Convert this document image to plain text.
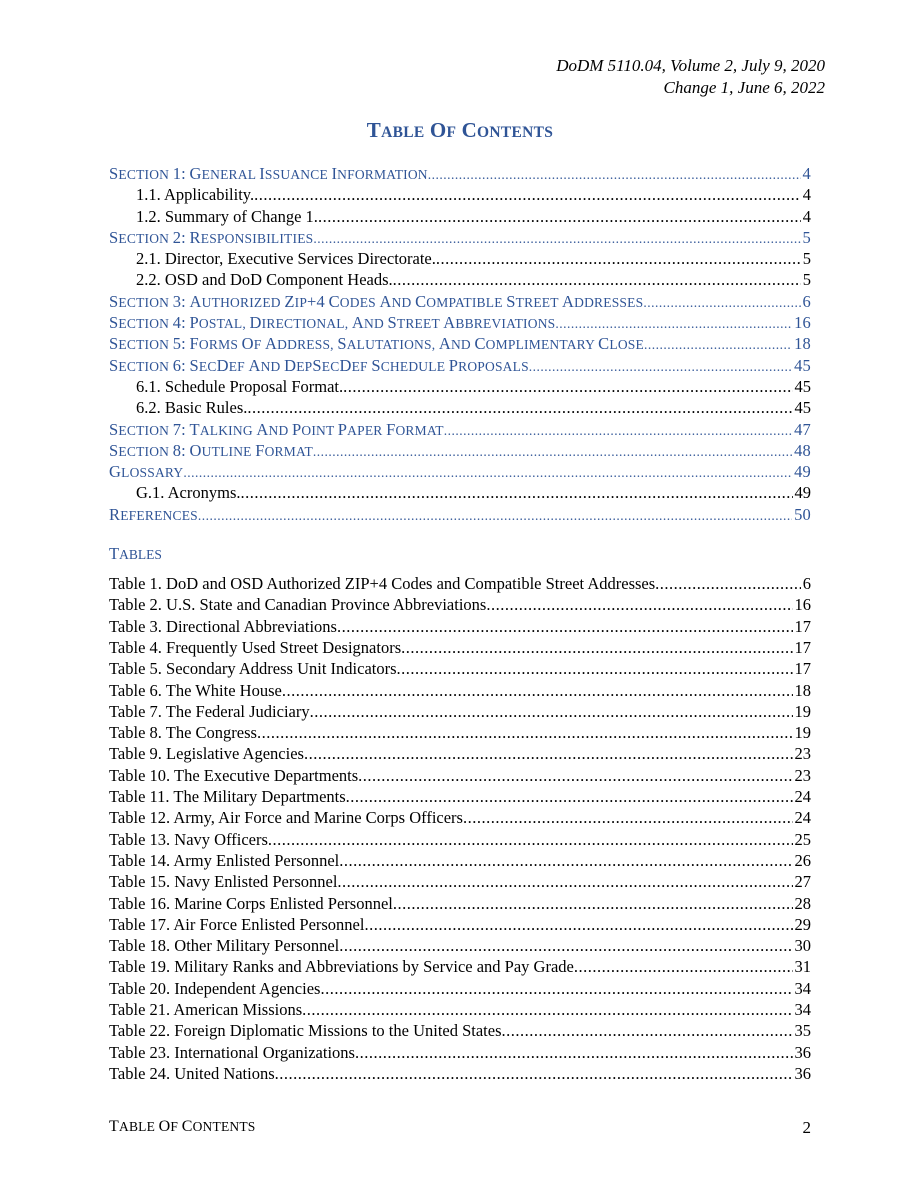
DoDM 5110.04, Volume 2, July 9, 2020
Change 1, June 6, 2022
TABLE OF CONTENTS
SECTION 1: GENERAL ISSUANCE INFORMATION .....	4
1.1. Applicability. .....	4
1.2. Summary of Change 1. .....	4
SECTION 2: RESPONSIBILITIES .....	5
2.1. Director, Executive Services Directorate. .....	5
2.2. OSD and DoD Component Heads. .....	5
SECTION 3: AUTHORIZED ZIP+4 CODES AND COMPATIBLE STREET ADDRESSES .....	6
SECTION 4: POSTAL, DIRECTIONAL, AND STREET ABBREVIATIONS .....	16
SECTION 5: FORMS OF ADDRESS, SALUTATIONS, AND COMPLIMENTARY CLOSE .....	18
SECTION 6: SECDEF AND DEPSECDEF SCHEDULE PROPOSALS .....	45
6.1. Schedule Proposal Format. .....	45
6.2. Basic Rules. .....	45
SECTION 7: TALKING AND POINT PAPER FORMAT .....	47
SECTION 8: OUTLINE FORMAT .....	48
GLOSSARY .....	49
G.1. Acronyms. .....	49
REFERENCES .....	50
TABLES
Table 1. DoD and OSD Authorized ZIP+4 Codes and Compatible Street Addresses .....	6
Table 2. U.S. State and Canadian Province Abbreviations .....	16
Table 3. Directional Abbreviations .....	17
Table 4. Frequently Used Street Designators .....	17
Table 5. Secondary Address Unit Indicators .....	17
Table 6. The White House .....	18
Table 7. The Federal Judiciary .....	19
Table 8. The Congress .....	19
Table 9. Legislative Agencies .....	23
Table 10. The Executive Departments .....	23
Table 11. The Military Departments .....	24
Table 12. Army, Air Force and Marine Corps Officers .....	24
Table 13. Navy Officers .....	25
Table 14. Army Enlisted Personnel .....	26
Table 15. Navy Enlisted Personnel .....	27
Table 16. Marine Corps Enlisted Personnel .....	28
Table 17. Air Force Enlisted Personnel .....	29
Table 18. Other Military Personnel .....	30
Table 19. Military Ranks and Abbreviations by Service and Pay Grade .....	31
Table 20. Independent Agencies .....	34
Table 21. American Missions .....	34
Table 22. Foreign Diplomatic Missions to the United States .....	35
Table 23. International Organizations .....	36
Table 24. United Nations .....	36
TABLE OF CONTENTS	2
